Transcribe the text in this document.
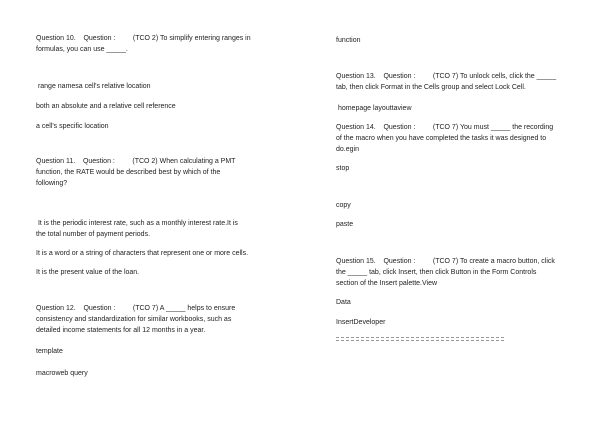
Question 10.    Question :         (TCO 2) To simplify entering ranges in
formulas, you can use _____.
range namesa cell's relative location
both an absolute and a relative cell reference
a cell's specific location
Question 11.    Question :         (TCO 2) When calculating a PMT
function, the RATE would be described best by which of the
following?
It is the periodic interest rate, such as a monthly interest rate.It is
the total number of payment periods.
It is a word or a string of characters that represent one or more cells.
It is the present value of the loan.
Question 12.    Question :         (TCO 7) A _____ helps to ensure
consistency and standardization for similar workbooks, such as
detailed income statements for all 12 months in a year.
template
macroweb query
function
Question 13.    Question :         (TCO 7) To unlock cells, click the _____
tab, then click Format in the Cells group and select Lock Cell.
homepage layouttaview
Question 14.    Question :         (TCO 7) You must _____ the recording
of the macro when you have completed the tasks it was designed to
do.egin
stop
copy
paste
Question 15.    Question :         (TCO 7) To create a macro button, click
the _____ tab, click Insert, then click Button in the Form Controls
section of the Insert palette.View
Data
InsertDeveloper
